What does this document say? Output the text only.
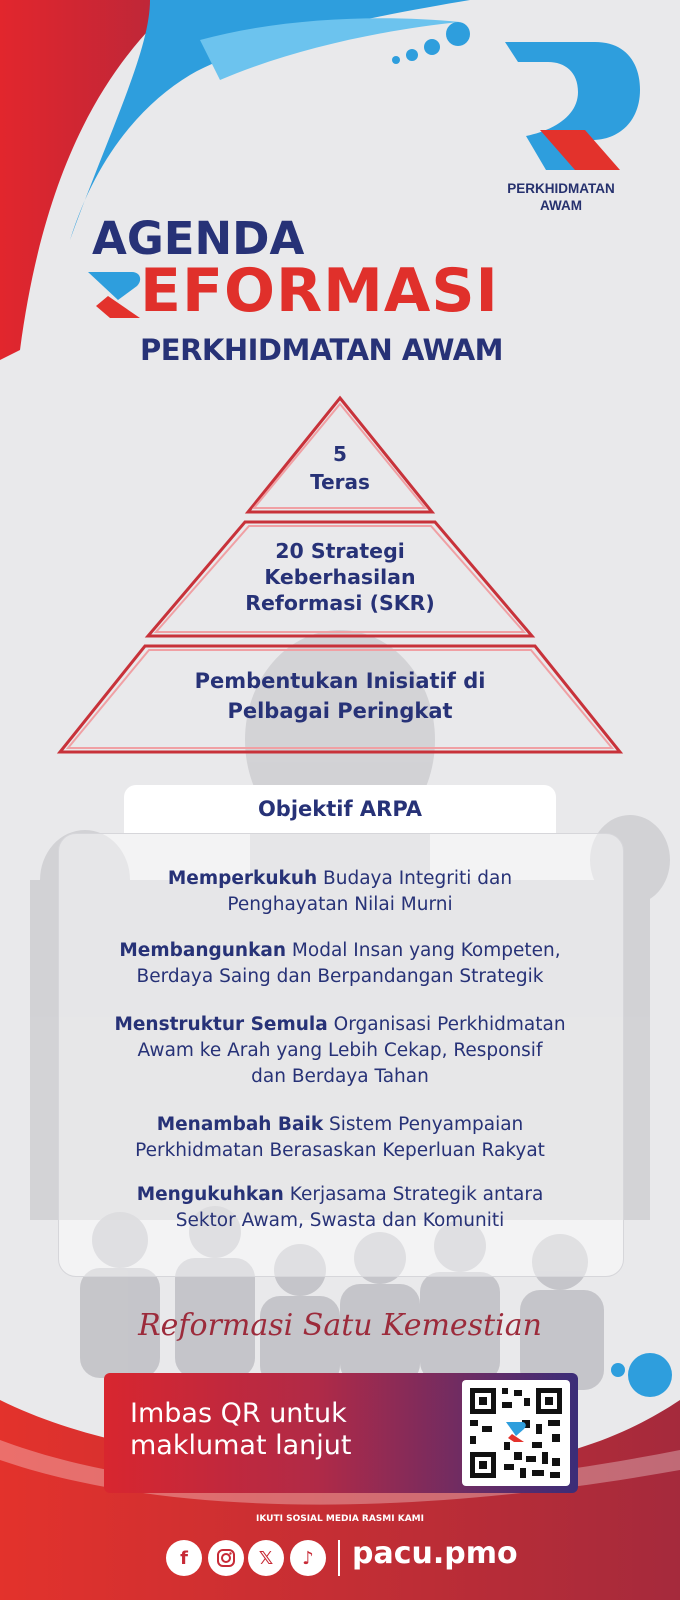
PERKHIDMATAN
AWAM
AGENDA
EFORMASI
PERKHIDMATAN AWAM
5
Teras
20 Strategi
Keberhasilan
Reformasi (SKR)
Pembentukan Inisiatif di
Pelbagai Peringkat
Objektif ARPA
Memperkukuh Budaya Integriti dan
Penghayatan Nilai Murni
Membangunkan Modal Insan yang Kompeten,
Berdaya Saing dan Berpandangan Strategik
Menstruktur Semula Organisasi Perkhidmatan
Awam ke Arah yang Lebih Cekap, Responsif
dan Berdaya Tahan
Menambah Baik Sistem Penyampaian
Perkhidmatan Berasaskan Keperluan Rakyat
Mengukuhkan Kerjasama Strategik antara
Sektor Awam, Swasta dan Komuniti
Reformasi Satu Kemestian
Imbas QR untuk
maklumat lanjut
IKUTI SOSIAL MEDIA RASMI KAMI
f	𝕏	♪	pacu.pmo
